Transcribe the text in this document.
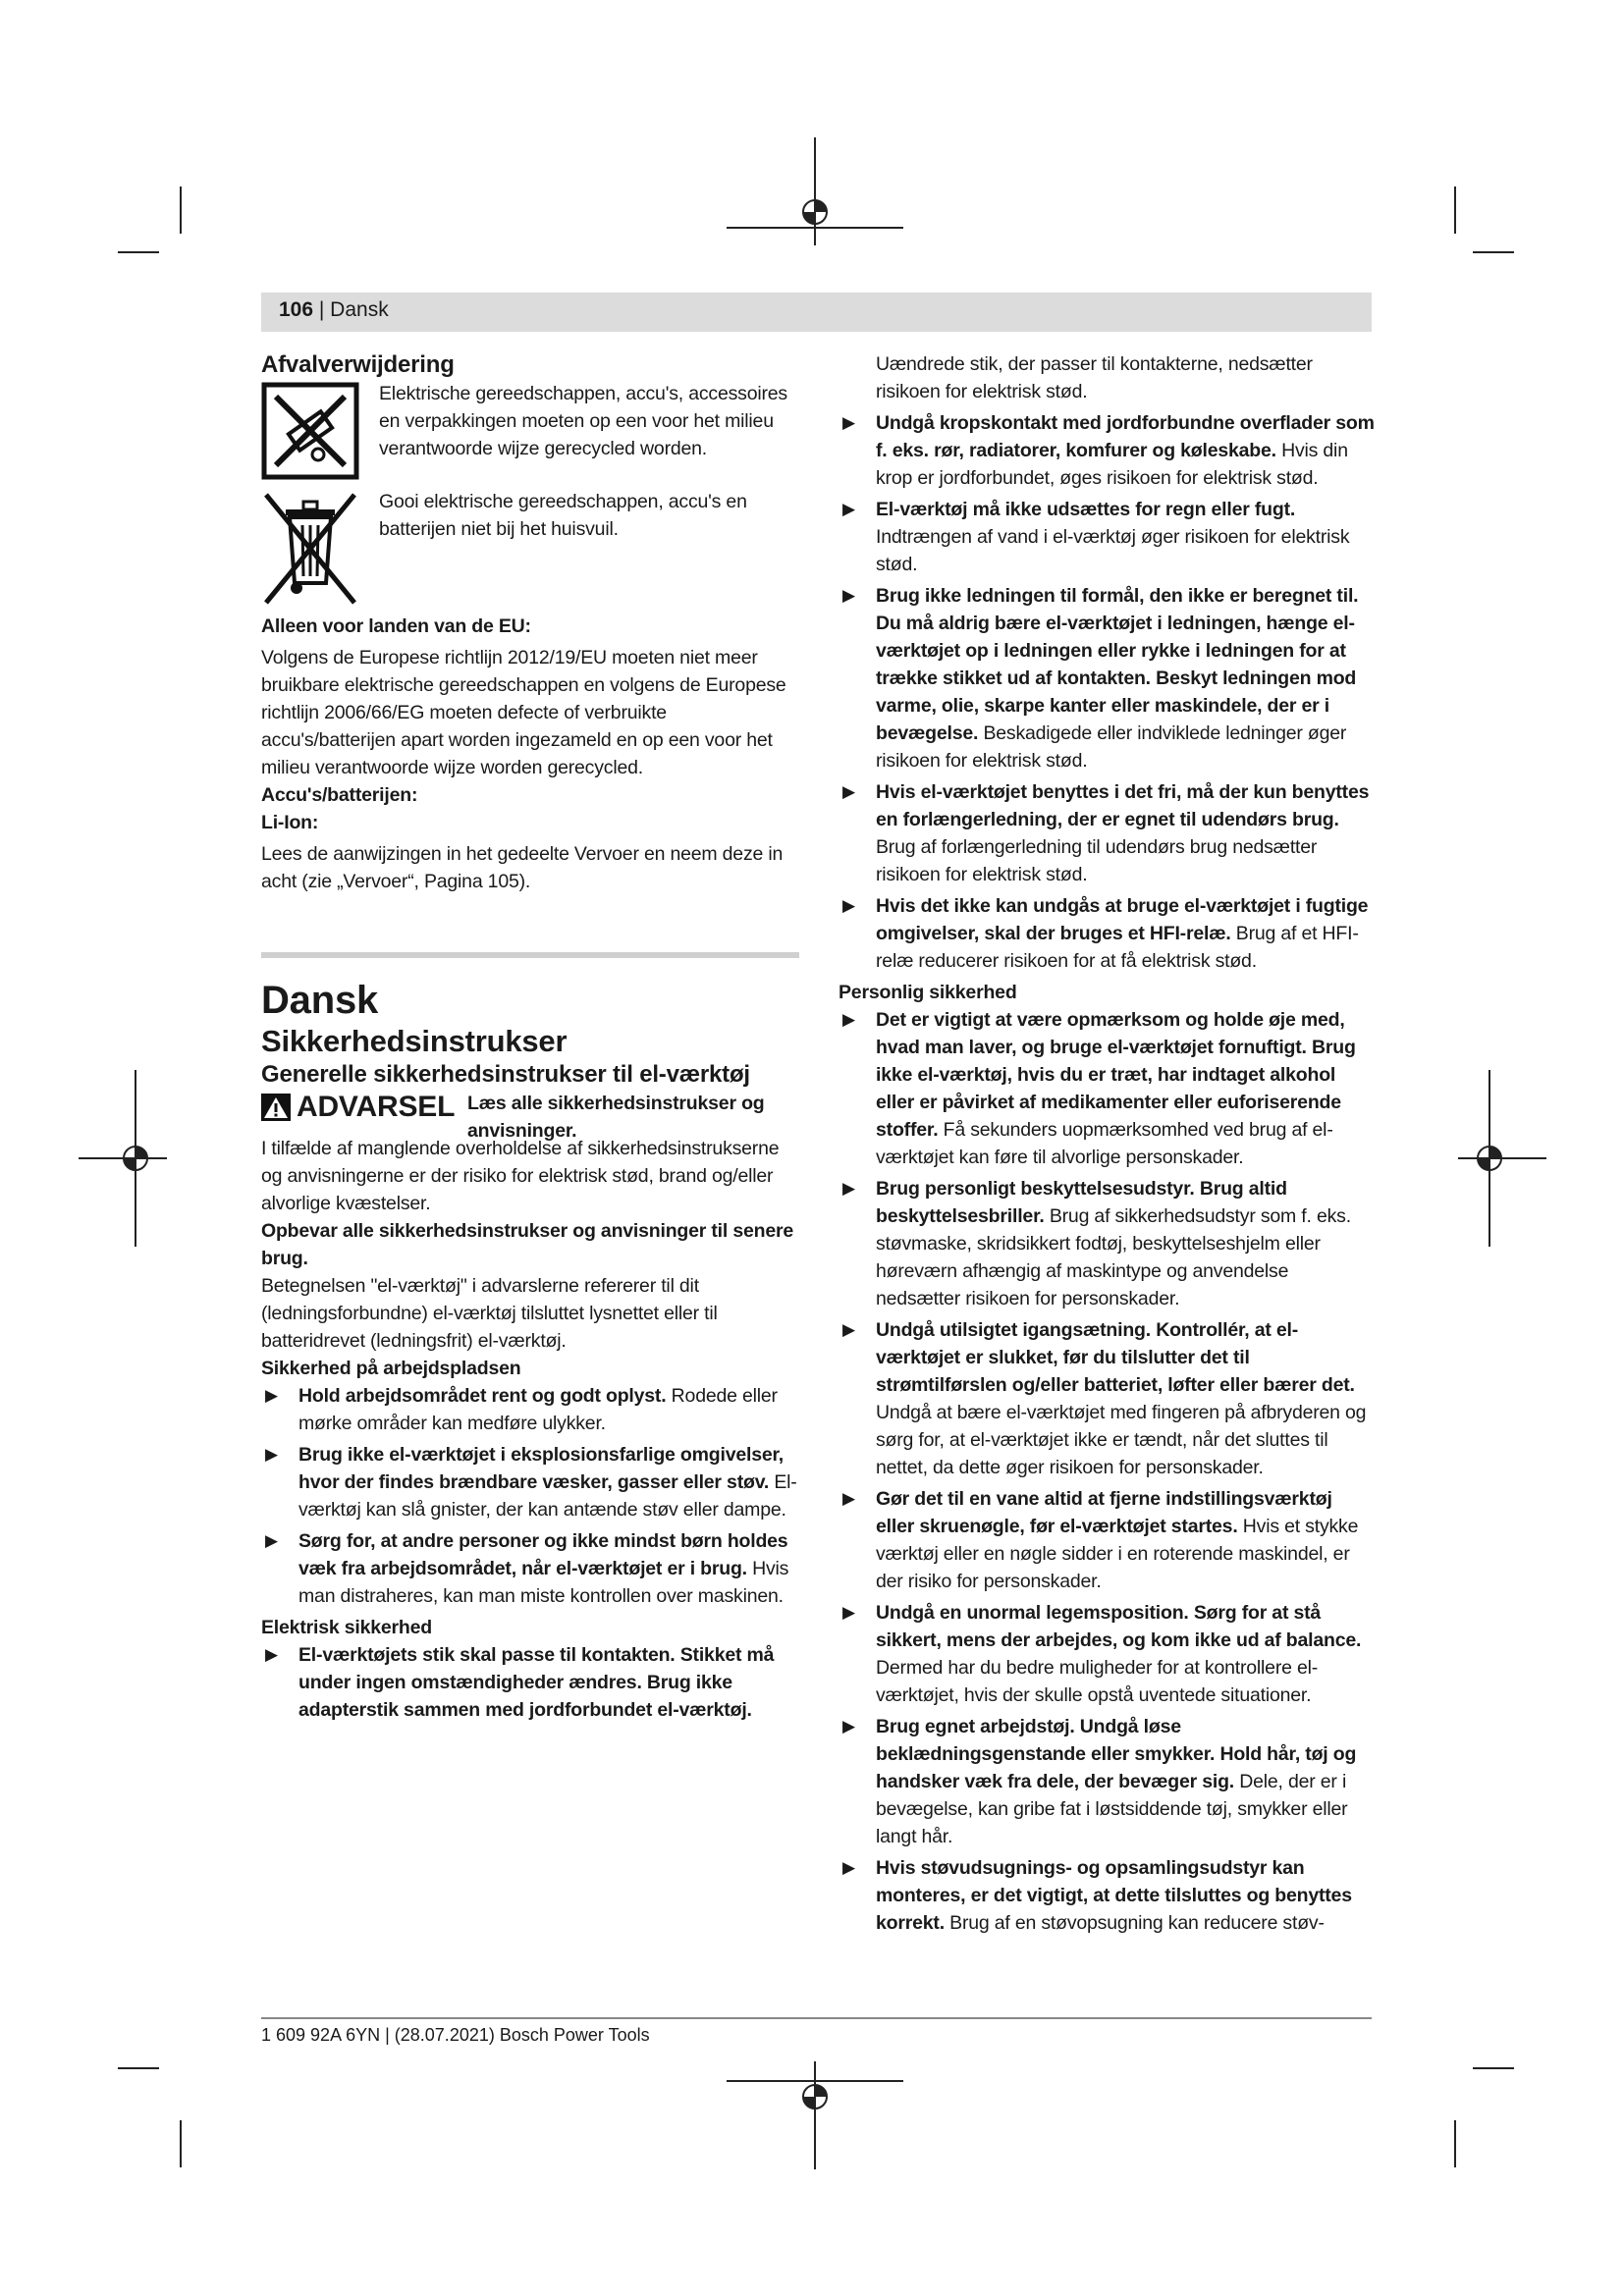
106 | Dansk

Afvalverwijdering

Elektrische gereedschappen, accu's, accessoires en verpakkingen moeten op een voor het milieu verantwoorde wijze gerecycled worden.
Gooi elektrische gereedschappen, accu's en batterijen niet bij het huisvuil.

Alleen voor landen van de EU:

Volgens de Europese richtlijn 2012/19/EU moeten niet meer bruikbare elektrische gereedschappen en volgens de Europese richtlijn 2006/66/EG moeten defecte of verbruikte accu's/batterijen apart worden ingezameld en op een voor het milieu verantwoorde wijze worden gerecycled.

Accu's/batterijen:

Li-Ion:

Lees de aanwijzingen in het gedeelte Vervoer en neem deze in acht (zie „Vervoer“, Pagina 105).

Dansk

Sikkerhedsinstrukser

Generelle sikkerhedsinstrukser til el-værktøj

ADVARSEL Læs alle sikkerhedsinstrukser og anvisninger.

I tilfælde af manglende overholdelse af sikkerhedsinstrukserne og anvisningerne er der risiko for elektrisk stød, brand og/eller alvorlige kvæstelser.

Opbevar alle sikkerhedsinstrukser og anvisninger til senere brug.

Betegnelsen "el-værktøj" i advarslerne refererer til dit (ledningsforbundne) el-værktøj tilsluttet lysnettet eller til batteridrevet (ledningsfrit) el-værktøj.

Sikkerhed på arbejdspladsen

▶ Hold arbejdsområdet rent og godt oplyst. Rodede eller mørke områder kan medføre ulykker.
▶ Brug ikke el-værktøjet i eksplosionsfarlige omgivelser, hvor der findes brændbare væsker, gasser eller støv. El-værktøj kan slå gnister, der kan antænde støv eller dampe.
▶ Sørg for, at andre personer og ikke mindst børn holdes væk fra arbejdsområdet, når el-værktøjet er i brug. Hvis man distraheres, kan man miste kontrollen over maskinen.

Elektrisk sikkerhed

▶ El-værktøjets stik skal passe til kontakten. Stikket må under ingen omstændigheder ændres. Brug ikke adapterstik sammen med jordforbundet el-værktøj.

Uændrede stik, der passer til kontakterne, nedsætter risikoen for elektrisk stød.

▶ Undgå kropskontakt med jordforbundne overflader som f. eks. rør, radiatorer, komfurer og køleskabe. Hvis din krop er jordforbundet, øges risikoen for elektrisk stød.
▶ El-værktøj må ikke udsættes for regn eller fugt. Indtrængen af vand i el-værktøj øger risikoen for elektrisk stød.
▶ Brug ikke ledningen til formål, den ikke er beregnet til. Du må aldrig bære el-værktøjet i ledningen, hænge el-værktøjet op i ledningen eller rykke i ledningen for at trække stikket ud af kontakten. Beskyt ledningen mod varme, olie, skarpe kanter eller maskindele, der er i bevægelse. Beskadigede eller indviklede ledninger øger risikoen for elektrisk stød.
▶ Hvis el-værktøjet benyttes i det fri, må der kun benyttes en forlængerledning, der er egnet til udendørs brug. Brug af forlængerledning til udendørs brug nedsætter risikoen for elektrisk stød.
▶ Hvis det ikke kan undgås at bruge el-værktøjet i fugtige omgivelser, skal der bruges et HFI-relæ. Brug af et HFI-relæ reducerer risikoen for at få elektrisk stød.

Personlig sikkerhed

▶ Det er vigtigt at være opmærksom og holde øje med, hvad man laver, og bruge el-værktøjet fornuftigt. Brug ikke el-værktøj, hvis du er træt, har indtaget alkohol eller er påvirket af medikamenter eller euforiserende stoffer. Få sekunders uopmærksomhed ved brug af el-værktøjet kan føre til alvorlige personskader.
▶ Brug personligt beskyttelsesudstyr. Brug altid beskyttelsesbriller. Brug af sikkerhedsudstyr som f. eks. støvmaske, skridsikkert fodtøj, beskyttelseshjelm eller høreværn afhængig af maskintype og anvendelse nedsætter risikoen for personskader.
▶ Undgå utilsigtet igangsætning. Kontrollér, at el-værktøjet er slukket, før du tilslutter det til strømtilførslen og/eller batteriet, løfter eller bærer det. Undgå at bære el-værktøjet med fingeren på afbryderen og sørg for, at el-værktøjet ikke er tændt, når det sluttes til nettet, da dette øger risikoen for personskader.
▶ Gør det til en vane altid at fjerne indstillingsværktøj eller skruenøgle, før el-værktøjet startes. Hvis et stykke værktøj eller en nøgle sidder i en roterende maskindel, er der risiko for personskader.
▶ Undgå en unormal legemsposition. Sørg for at stå sikkert, mens der arbejdes, og kom ikke ud af balance. Dermed har du bedre muligheder for at kontrollere el-værktøjet, hvis der skulle opstå uventede situationer.
▶ Brug egnet arbejdstøj. Undgå løse beklædningsgenstande eller smykker. Hold hår, tøj og handsker væk fra dele, der bevæger sig. Dele, der er i bevægelse, kan gribe fat i løstsiddende tøj, smykker eller langt hår.
▶ Hvis støvudsugnings- og opsamlingsudstyr kan monteres, er det vigtigt, at dette tilsluttes og benyttes korrekt. Brug af en støvopsugning kan reducere støv-
1 609 92A 6YN | (28.07.2021) Bosch Power Tools
